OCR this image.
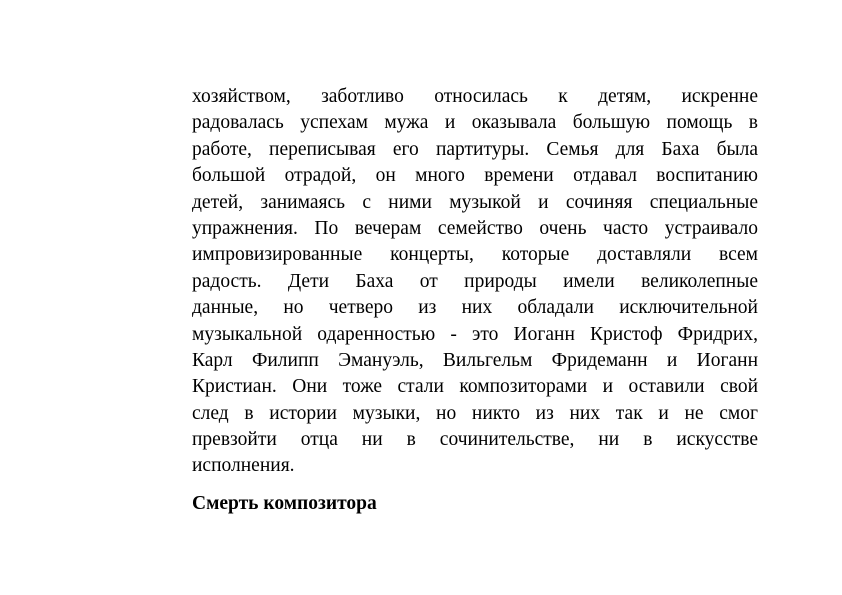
хозяйством, заботливо относилась к детям, искренне
радовалась успехам мужа и оказывала большую помощь в
работе, переписывая его партитуры. Семья для Баха была
большой отрадой, он много времени отдавал воспитанию
детей, занимаясь с ними музыкой и сочиняя специальные
упражнения. По вечерам семейство очень часто устраивало
импровизированные концерты, которые доставляли всем
радость. Дети Баха от природы имели великолепные
данные, но четверо из них обладали исключительной
музыкальной одаренностью - это Иоганн Кристоф Фридрих,
Карл Филипп Эмануэль, Вильгельм Фридеманн и Иоганн
Кристиан. Они тоже стали композиторами и оставили свой
след в истории музыки, но никто из них так и не смог
превзойти отца ни в сочинительстве, ни в искусстве
исполнения.
Смерть композитора
